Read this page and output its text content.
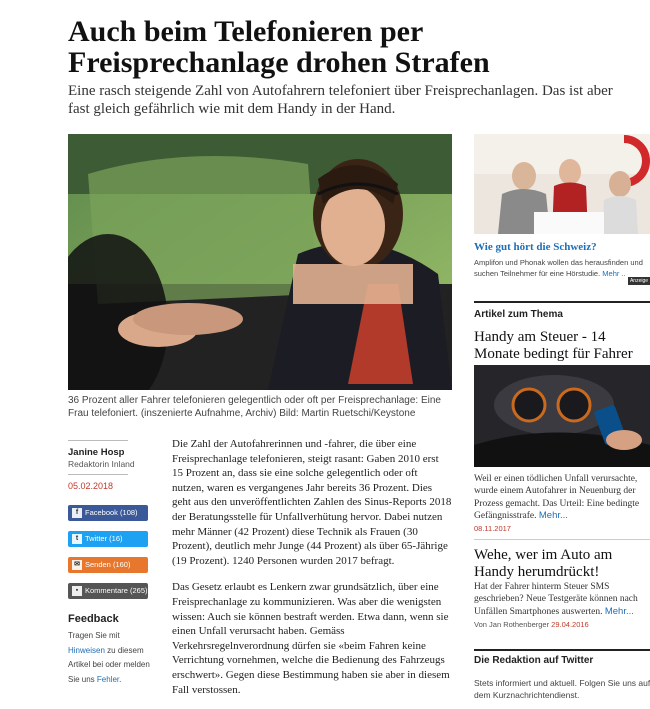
Auch beim Telefonieren per
Freisprechanlage drohen Strafen

Eine rasch steigende Zahl von Autofahrern telefoniert über Freisprechanlagen. Das ist aber fast gleich gefährlich wie mit dem Handy in der Hand.

36 Prozent aller Fahrer telefonieren gelegentlich oder oft per Freisprechanlage: Eine Frau telefoniert. (inszenierte Aufnahme, Archiv) Bild: Martin Ruetschi/Keystone

Janine Hosp
Redaktorin Inland
05.02.2018
f Facebook (108)
t Twitter (16)
✉ Senden (160)
▪ Kommentare (265)
Feedback
Tragen Sie mit
Hinweisen zu diesem Artikel bei oder melden Sie uns Fehler.

Die Zahl der Autofahrerinnen und -fahrer, die über eine Freisprechanlage telefonieren, steigt rasant: Gaben 2010 erst 15 Prozent an, dass sie eine solche gelegentlich oder oft nutzen, waren es vergangenes Jahr bereits 36 Prozent. Dies geht aus den unveröffentlichten Zahlen des Sinus-Reports 2018 der Beratungsstelle für Unfallverhütung hervor. Dabei nutzen mehr Männer (42 Prozent) diese Technik als Frauen (30 Prozent), deutlich mehr Junge (44 Prozent) als über 65-Jährige (19 Prozent). 1240 Personen wurden 2017 befragt.

Das Gesetz erlaubt es Lenkern zwar grundsätzlich, über eine Freisprechanlage zu kommunizieren. Was aber die wenigsten wissen: Auch sie können bestraft werden. Etwa dann, wenn sie einen Unfall verursacht haben. Gemäss Verkehrsregelnverordnung dürfen sie «beim Fahren keine Verrichtung vornehmen, welche die Bedienung des Fahrzeugs erschwert». Gegen diese Bestimmung haben sie aber in diesem Fall verstossen.

Wie gut hört die Schweiz?
Amplifon und Phonak wollen das herausfinden und suchen Teilnehmer für eine Hörstudie. Mehr ..
Anzeige
Artikel zum Thema
Handy am Steuer - 14 Monate bedingt für Fahrer
Weil er einen tödlichen Unfall verursachte, wurde einem Autofahrer in Neuenburg der Prozess gemacht. Das Urteil: Eine bedingte Gefängnisstrafe. Mehr...
08.11.2017
Wehe, wer im Auto am Handy herumdrückt!
Hat der Fahrer hinterm Steuer SMS geschrieben? Neue Testgeräte können nach Unfällen Smartphones auswerten. Mehr...
Von Jan Rothenberger 29.04.2016
Die Redaktion auf Twitter
Stets informiert und aktuell. Folgen Sie uns auf dem Kurznachrichtendienst.
